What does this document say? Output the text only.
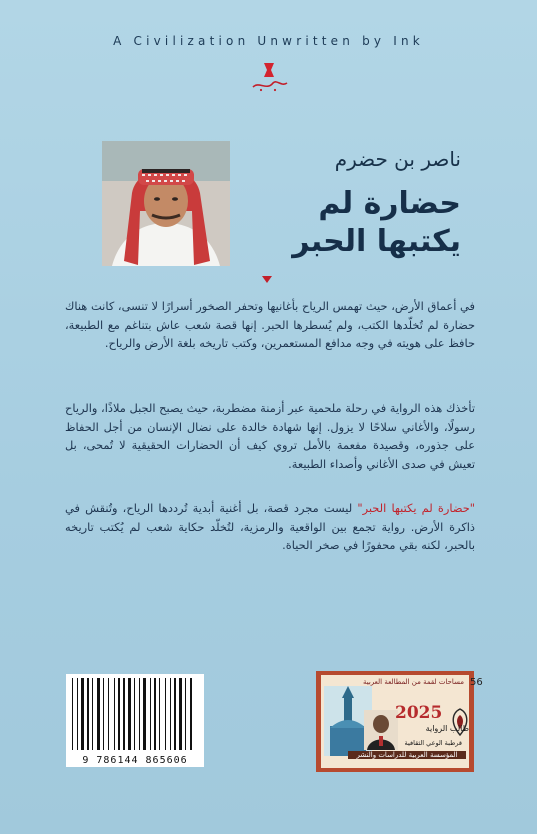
A Civilization Unwritten by Ink
ناصر بن حضرم
حضارة لم
يكتبها الحبر
في أعماق الأرض، حيث تهمس الرياح بأغانيها وتحفر الصخور أسرارًا لا تنسى، كانت هناك حضارة لم تُخلّدها الكتب، ولم يُسطرها الحبر. إنها قصة شعب عاش بتناغم مع الطبيعة، حافظ على هويته في وجه مدافع المستعمرين، وكتب تاريخه بلغة الأرض والرياح.
تأخذك هذه الرواية في رحلة ملحمية عبر أزمنة مضطربة، حيث يصبح الجبل ملاذًا، والرياح رسولًا، والأغاني سلاحًا لا يزول. إنها شهادة خالدة على نضال الإنسان من أجل الحفاظ على جذوره، وقصيدة مفعمة بالأمل تروي كيف أن الحضارات الحقيقية لا تُمحى، بل تعيش في صدى الأغاني وأصداء الطبيعة.
"حضارة لم يكتبها الحبر" ليست مجرد قصة، بل أغنية أبدية تُرددها الرياح، وتُنقش في ذاكرة الأرض. رواية تجمع بين الواقعية والرمزية، لتُخلّد حكاية شعب لم يُكتب تاريخه بالحبر، لكنه بقي محفورًا في صخر الحياة.
9 786144 865606
56
مساحات لقمة من المطالعة العربية
2025
طالب الرواية
قرطبة الوعي الثقافية
المؤسسة العربية للدراسات والنشر
